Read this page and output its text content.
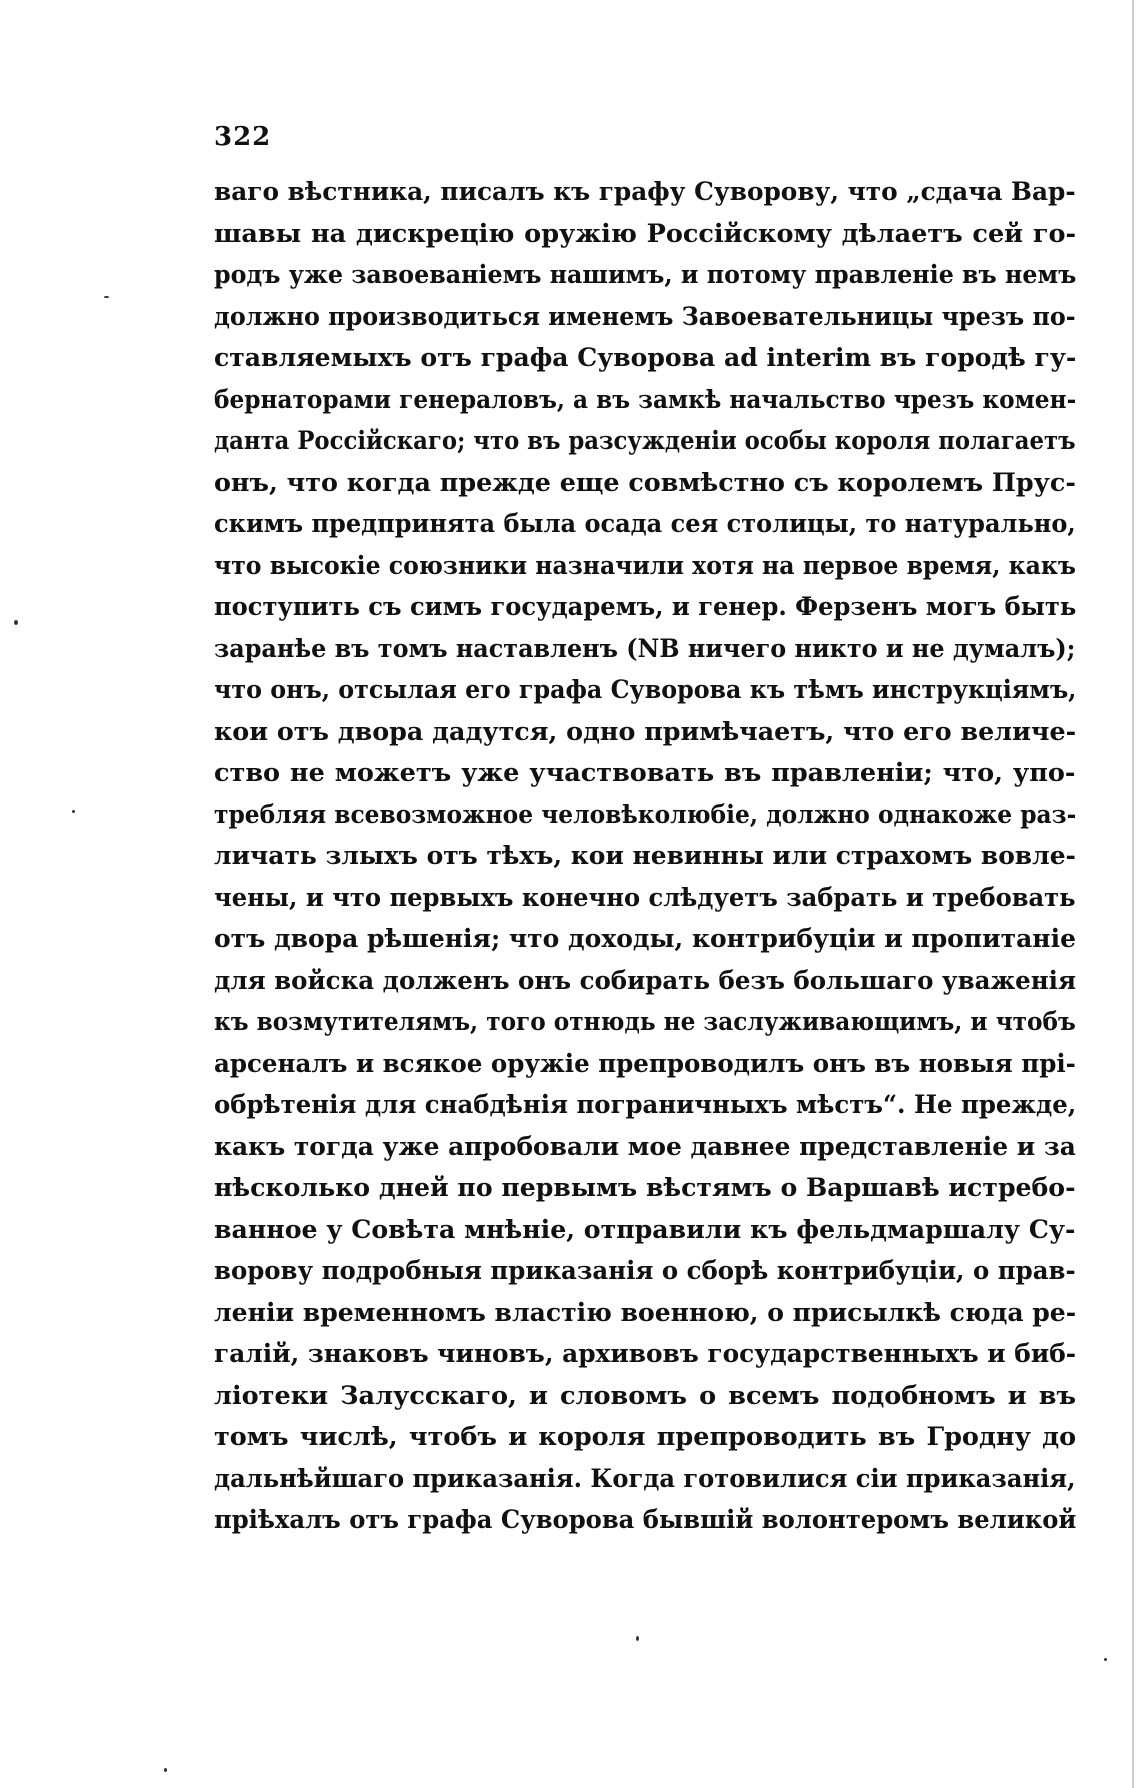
322
ваго вѣстника, писалъ къ графу Суворову, что „сдача Вар-
шавы на дискрецію оружію Россійскому дѣлаетъ сей го-
родъ уже завоеваніемъ нашимъ, и потому правленіе въ немъ
должно производиться именемъ Завоевательницы чрезъ по-
ставляемыхъ отъ графа Суворова ad interim въ городѣ гу-
бернаторами генераловъ, а въ замкѣ начальство чрезъ комен-
данта Россійскаго; что въ разсужденіи особы короля полагаетъ
онъ, что когда прежде еще совмѣстно съ королемъ Прус-
скимъ предпринята была осада сея столицы, то натурально,
что высокіе союзники назначили хотя на первое время, какъ
поступить съ симъ государемъ, и генер. Ферзенъ могъ быть
заранѣе въ томъ наставленъ (NB ничего никто и не думалъ);
что онъ, отсылая его графа Суворова къ тѣмъ инструкціямъ,
кои отъ двора дадутся, одно примѣчаетъ, что его величе-
ство не можетъ уже участвовать въ правленіи; что, упо-
требляя всевозможное человѣколюбіе, должно однакоже раз-
личать злыхъ отъ тѣхъ, кои невинны или страхомъ вовле-
чены, и что первыхъ конечно слѣдуетъ забрать и требовать
отъ двора рѣшенія; что доходы, контрибуціи и пропитаніе
для войска долженъ онъ собирать безъ большаго уваженія
къ возмутителямъ, того отнюдь не заслуживающимъ, и чтобъ
арсеналъ и всякое оружіе препроводилъ онъ въ новыя прі-
обрѣтенія для снабдѣнія пограничныхъ мѣстъ“. Не прежде,
какъ тогда уже апробовали мое давнее представленіе и за
нѣсколько дней по первымъ вѣстямъ о Варшавѣ истребо-
ванное у Совѣта мнѣніе, отправили къ фельдмаршалу Су-
ворову подробныя приказанія о сборѣ контрибуціи, о прав-
леніи временномъ властію военною, о присылкѣ сюда ре-
галій, знаковъ чиновъ, архивовъ государственныхъ и биб-
ліотеки Залусскаго, и словомъ о всемъ подобномъ и въ
томъ числѣ, чтобъ и короля препроводить въ Гродну до
дальнѣйшаго приказанія. Когда готовилися сіи приказанія,
пріѣхалъ отъ графа Суворова бывшій волонтеромъ великой
